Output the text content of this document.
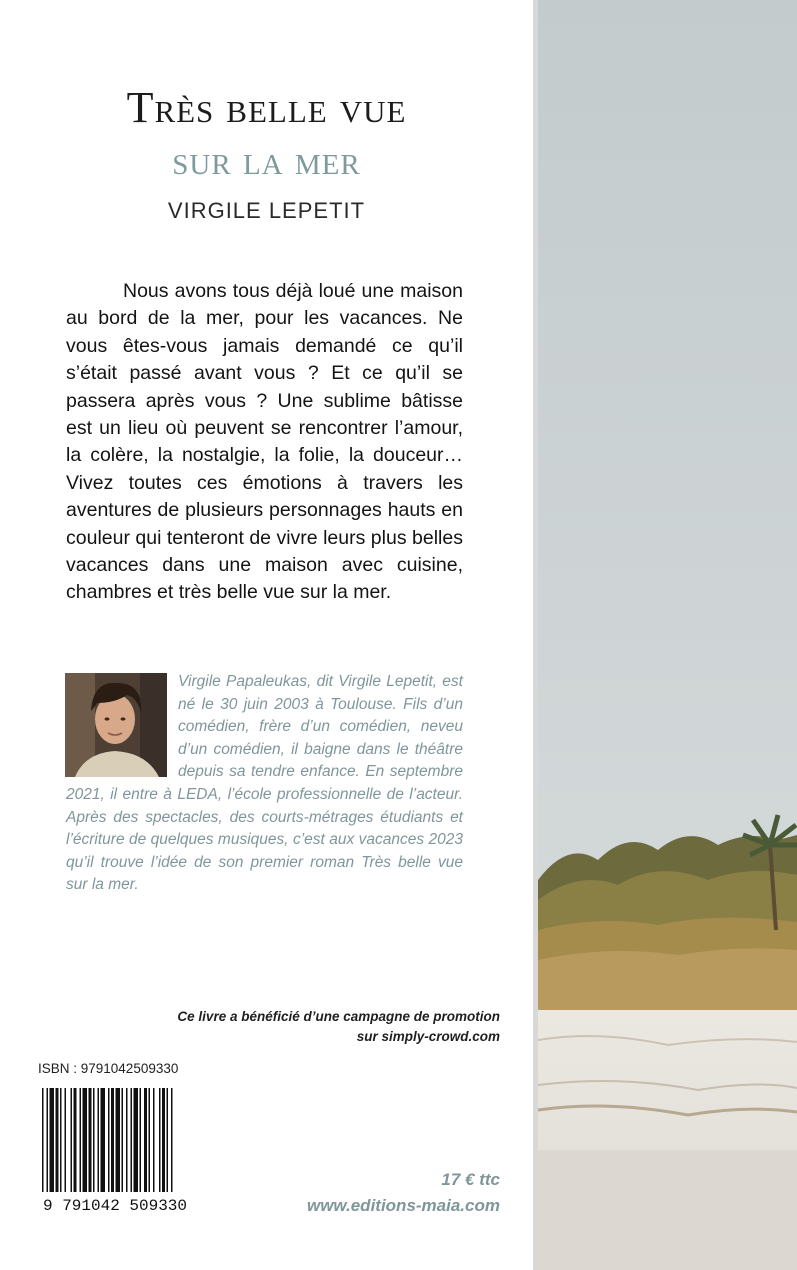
Très belle vue
sur la mer
VIRGILE LEPETIT

Nous avons tous déjà loué une maison au bord de la mer, pour les vacances. Ne vous êtes-vous jamais demandé ce qu’il s’était passé avant vous ? Et ce qu’il se passera après vous ? Une sublime bâtisse est un lieu où peuvent se rencontrer l’amour, la colère, la nostalgie, la folie, la douceur… Vivez toutes ces émotions à travers les aventures de plusieurs personnages hauts en couleur qui tenteront de vivre leurs plus belles vacances dans une maison avec cuisine, chambres et très belle vue sur la mer.

Virgile Papaleukas, dit Virgile Lepetit, est né le 30 juin 2003 à Toulouse. Fils d’un comédien, frère d’un comédien, neveu d’un comédien, il baigne dans le théâtre depuis sa tendre enfance. En septembre 2021, il entre à LEDA, l’école professionnelle de l’acteur. Après des spectacles, des courts-métrages étudiants et l’écriture de quelques musiques, c’est aux vacances 2023 qu’il trouve l’idée de son premier roman Très belle vue sur la mer.

Ce livre a bénéficié d’une campagne de promotion
sur simply-crowd.com
ISBN : 9791042509330
9 791042 509330
17 € ttc
www.editions-maia.com
